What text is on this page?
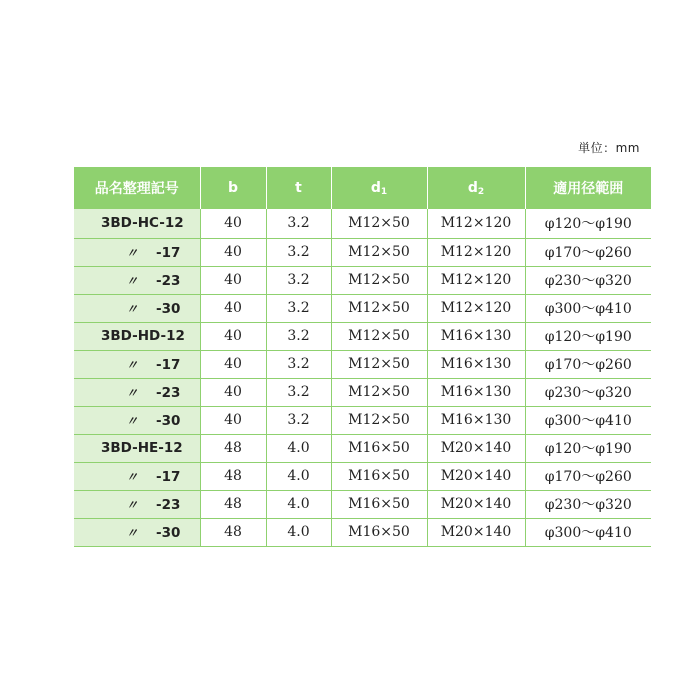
単位：mm
品名整理記号	b	t	$d_1$	$d_2$	適用径範囲
3BD-HC-12	40	3.2	M12×50	M12×120	φ120～φ190

〃 -17	40	3.2	M12×50	M12×120	φ170～φ260

〃 -23	40	3.2	M12×50	M12×120	φ230～φ320

〃 -30	40	3.2	M12×50	M12×120	φ300～φ410
3BD-HD-12	40	3.2	M12×50	M16×130	φ120～φ190

〃 -17	40	3.2	M12×50	M16×130	φ170～φ260

〃 -23	40	3.2	M12×50	M16×130	φ230～φ320

〃 -30	40	3.2	M12×50	M16×130	φ300～φ410
3BD-HE-12	48	4.0	M16×50	M20×140	φ120～φ190

〃 -17	48	4.0	M16×50	M20×140	φ170～φ260

〃 -23	48	4.0	M16×50	M20×140	φ230～φ320

〃 -30	48	4.0	M16×50	M20×140	φ300～φ410
